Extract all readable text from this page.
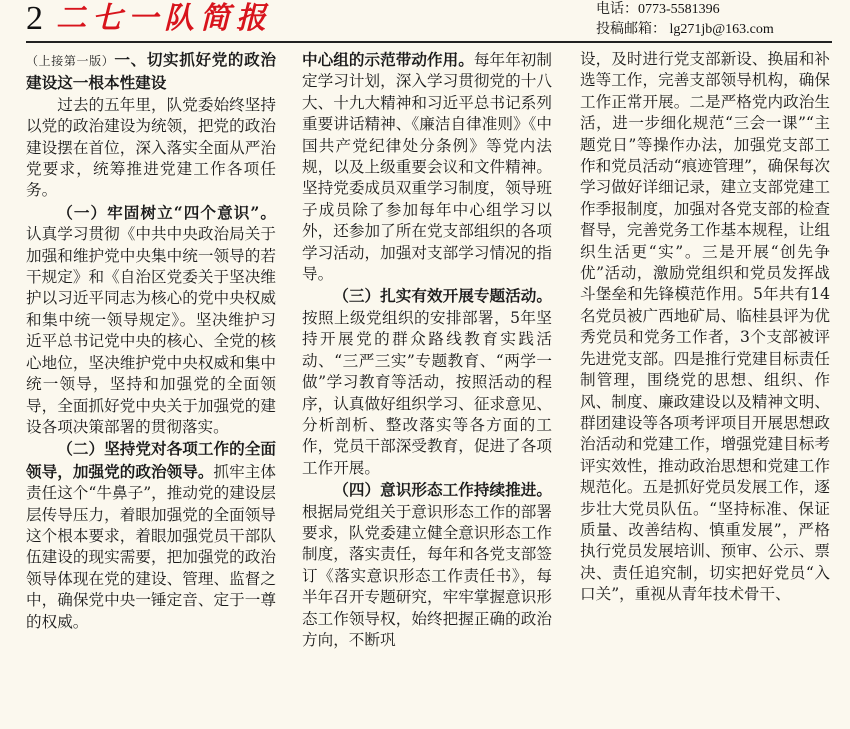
2 二七一队简报	电话：0773-5581396
投稿邮箱： lg271jb@163.com

（上接第一版）一、切实抓好党的政治建设这一根本性建设

过去的五年里，队党委始终坚持以党的政治建设为统领，把党的政治建设摆在首位，深入落实全面从严治党要求，统筹推进党建工作各项任务。

（一）牢固树立“四个意识”。认真学习贯彻《中共中央政治局关于加强和维护党中央集中统一领导的若干规定》和《自治区党委关于坚决维护以习近平同志为核心的党中央权威和集中统一领导规定》。坚决维护习近平总书记党中央的核心、全党的核心地位，坚决维护党中央权威和集中统一领导，坚持和加强党的全面领导，全面抓好党中央关于加强党的建设各项决策部署的贯彻落实。

（二）坚持党对各项工作的全面领导，加强党的政治领导。抓牢主体责任这个“牛鼻子”，推动党的建设层层传导压力，着眼加强党的全面领导这个根本要求，着眼加强党员干部队伍建设的现实需要，把加强党的政治领导体现在党的建设、管理、监督之中，确保党中央一锤定音、定于一尊的权威。

中心组的示范带动作用。每年年初制定学习计划，深入学习贯彻党的十八大、十九大精神和习近平总书记系列重要讲话精神、《廉洁自律准则》《中国共产党纪律处分条例》等党内法规，以及上级重要会议和文件精神。坚持党委成员双重学习制度，领导班子成员除了参加每年中心组学习以外，还参加了所在党支部组织的各项学习活动，加强对支部学习情况的指导。

（三）扎实有效开展专题活动。按照上级党组织的安排部署，5年坚持开展党的群众路线教育实践活动、“三严三实”专题教育、“两学一做”学习教育等活动，按照活动的程序，认真做好组织学习、征求意见、分析剖析、整改落实等各方面的工作，党员干部深受教育，促进了各项工作开展。

（四）意识形态工作持续推进。根据局党组关于意识形态工作的部署要求，队党委建立健全意识形态工作制度，落实责任，每年和各党支部签订《落实意识形态工作责任书》，每半年召开专题研究，牢牢掌握意识形态工作领导权，始终把握正确的政治方向，不断巩

设，及时进行党支部新设、换届和补选等工作，完善支部领导机构，确保工作正常开展。二是严格党内政治生活，进一步细化规范“三会一课”“主题党日”等操作办法，加强党支部工作和党员活动“痕迹管理”，确保每次学习做好详细记录，建立支部党建工作季报制度，加强对各党支部的检查督导，完善党务工作基本规程，让组织生活更“实”。三是开展“创先争优”活动，激励党组织和党员发挥战斗堡垒和先锋模范作用。5年共有14名党员被广西地矿局、临桂县评为优秀党员和党务工作者，3个支部被评先进党支部。四是推行党建目标责任制管理，围绕党的思想、组织、作风、制度、廉政建设以及精神文明、群团建设等各项考评项目开展思想政治活动和党建工作，增强党建目标考评实效性，推动政治思想和党建工作规范化。五是抓好党员发展工作，逐步壮大党员队伍。“坚持标准、保证质量、改善结构、慎重发展”，严格执行党员发展培训、预审、公示、票决、责任追究制，切实把好党员“入口关”，重视从青年技术骨干、
